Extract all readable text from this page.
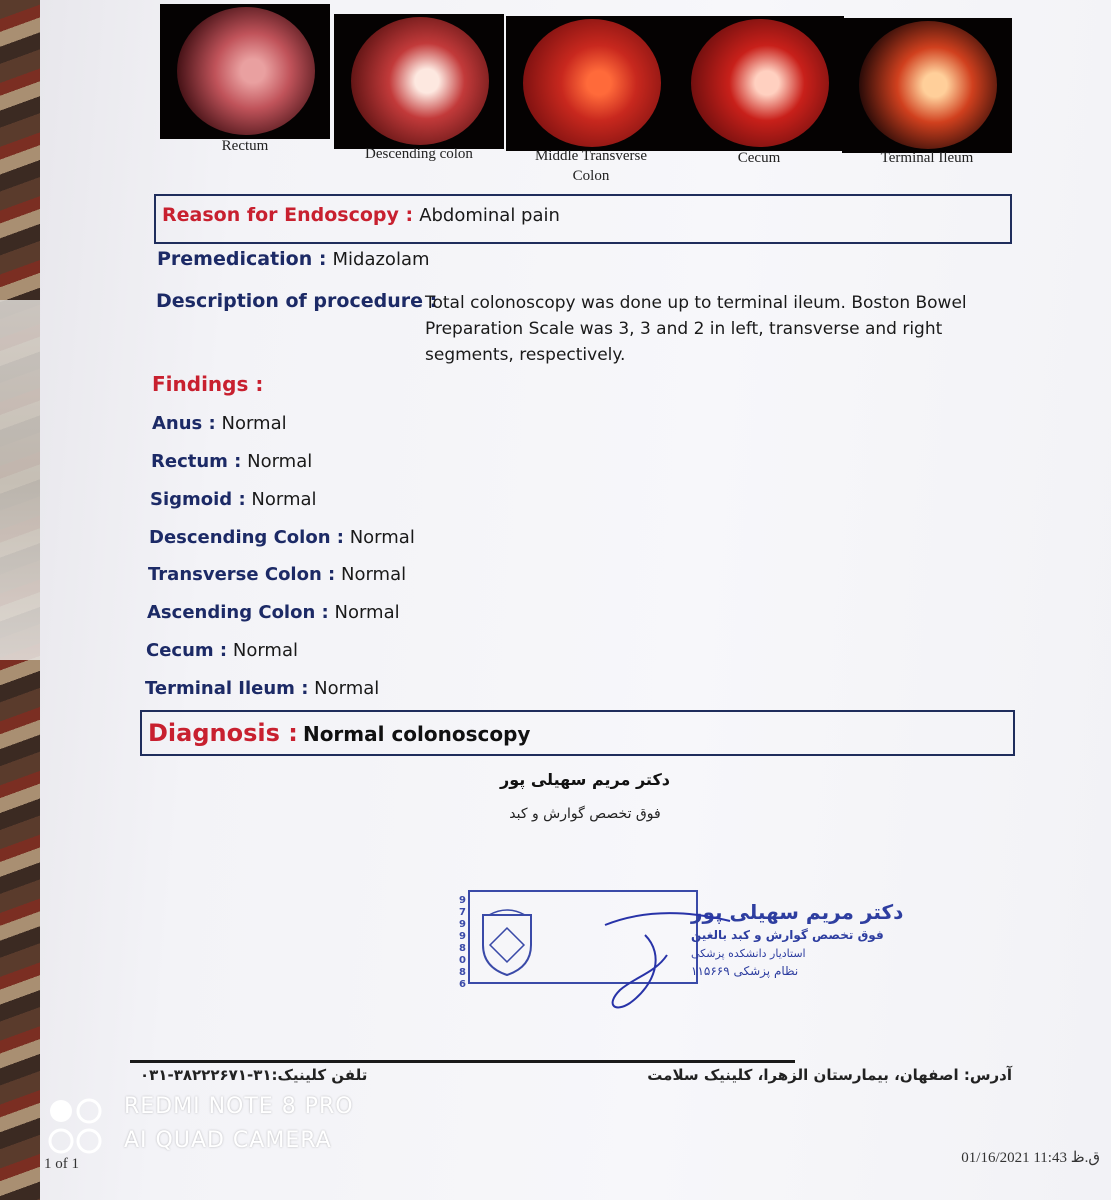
Rectum	Descending colon	Middle Transverse Colon
Cecum	Terminal Ileum
Reason for Endoscopy : Abdominal pain
Premedication : Midazolam
Description of procedure :
Total colonoscopy was done up to terminal ileum. Boston Bowel Preparation Scale was 3, 3 and 2 in left, transverse and right segments, respectively.
Findings :
Anus : Normal
Rectum : Normal
Sigmoid : Normal
Descending Colon : Normal
Transverse Colon : Normal
Ascending Colon : Normal
Cecum : Normal
Terminal Ileum : Normal
Diagnosis : Normal colonoscopy
دکتر مریم سهیلی پور
فوق تخصص گوارش و کبد
9
7
9
9
8
0
8
6
دکتر مریم سهیلی پور
فوق تخصص گوارش و کبد بالغین
استادیار دانشکده پزشکی
نظام پزشکی ۱۱۵۶۶۹
آدرس: اصفهان، بیمارستان الزهرا، کلینیک سلامت
تلفن کلینیک:۳۱-۳۸۲۲۲۶۷۱-۰۳۱
REDMI NOTE 8 PRO
AI QUAD CAMERA
1 of 1	01/16/2021 11:43 ق.ظ
